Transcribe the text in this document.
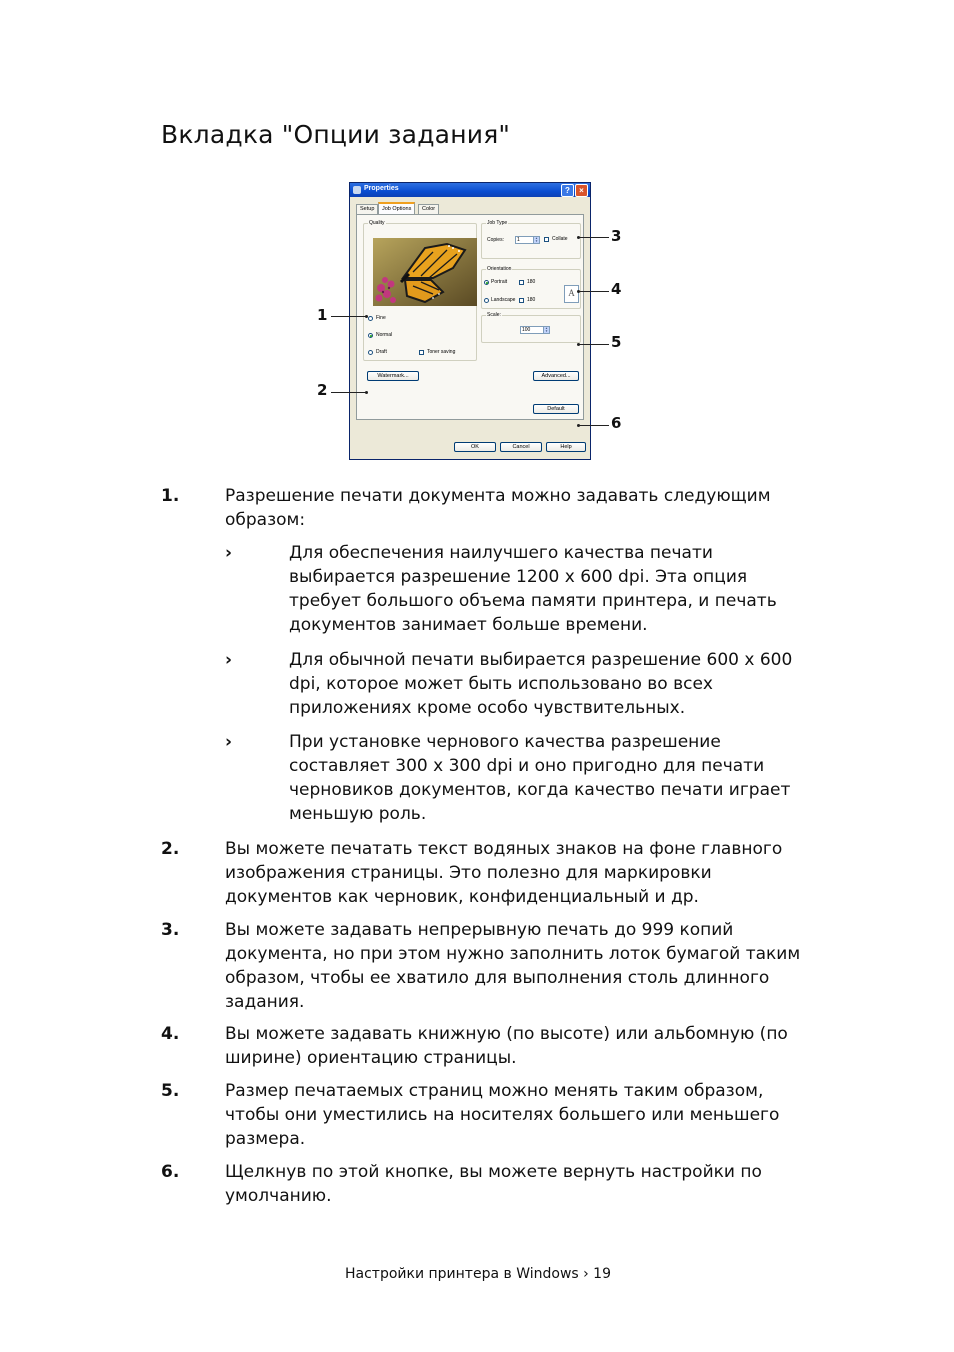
Вкладка "Опции задания"
Properties	?	×
Setup	Job Options	Color
Quality
Fine
Normal
Draft	Toner saving
Job Type
Copies:	1	▲
▼	Collate
Orientation
Portrait	180
Landscape 180
A
Scale:
100	▲
▼
Watermark...	Advanced...
Default
OK	Cancel	Help
1
2
3
4
5
6
1.	Разрешение печати документа можно задавать следующим образом:
›	Для обеспечения наилучшего качества печати выбирается разрешение 1200 x 600 dpi. Эта опция требует большого объема памяти принтера, и печать документов занимает больше времени.
›	Для обычной печати выбирается разрешение 600 x 600 dpi, которое может быть использовано во всех приложениях кроме особо чувствительных.
›	При установке чернового качества разрешение составляет 300 x 300 dpi и оно пригодно для печати черновиков документов, когда качество печати играет меньшую роль.
2.	Вы можете печатать текст водяных знаков на фоне главного изображения страницы. Это полезно для маркировки документов как черновик, конфиденциальный и др.
3.	Вы можете задавать непрерывную печать до 999 копий документа, но при этом нужно заполнить лоток бумагой таким образом, чтобы ее хватило для выполнения столь длинного задания.
4.	Вы можете задавать книжную (по высоте) или альбомную (по ширине) ориентацию страницы.
5.	Размер печатаемых страниц можно менять таким образом, чтобы они уместились на носителях большего или меньшего размера.
6.	Щелкнув по этой кнопке, вы можете вернуть настройки по умолчанию.
Настройки принтера в Windows › 19
